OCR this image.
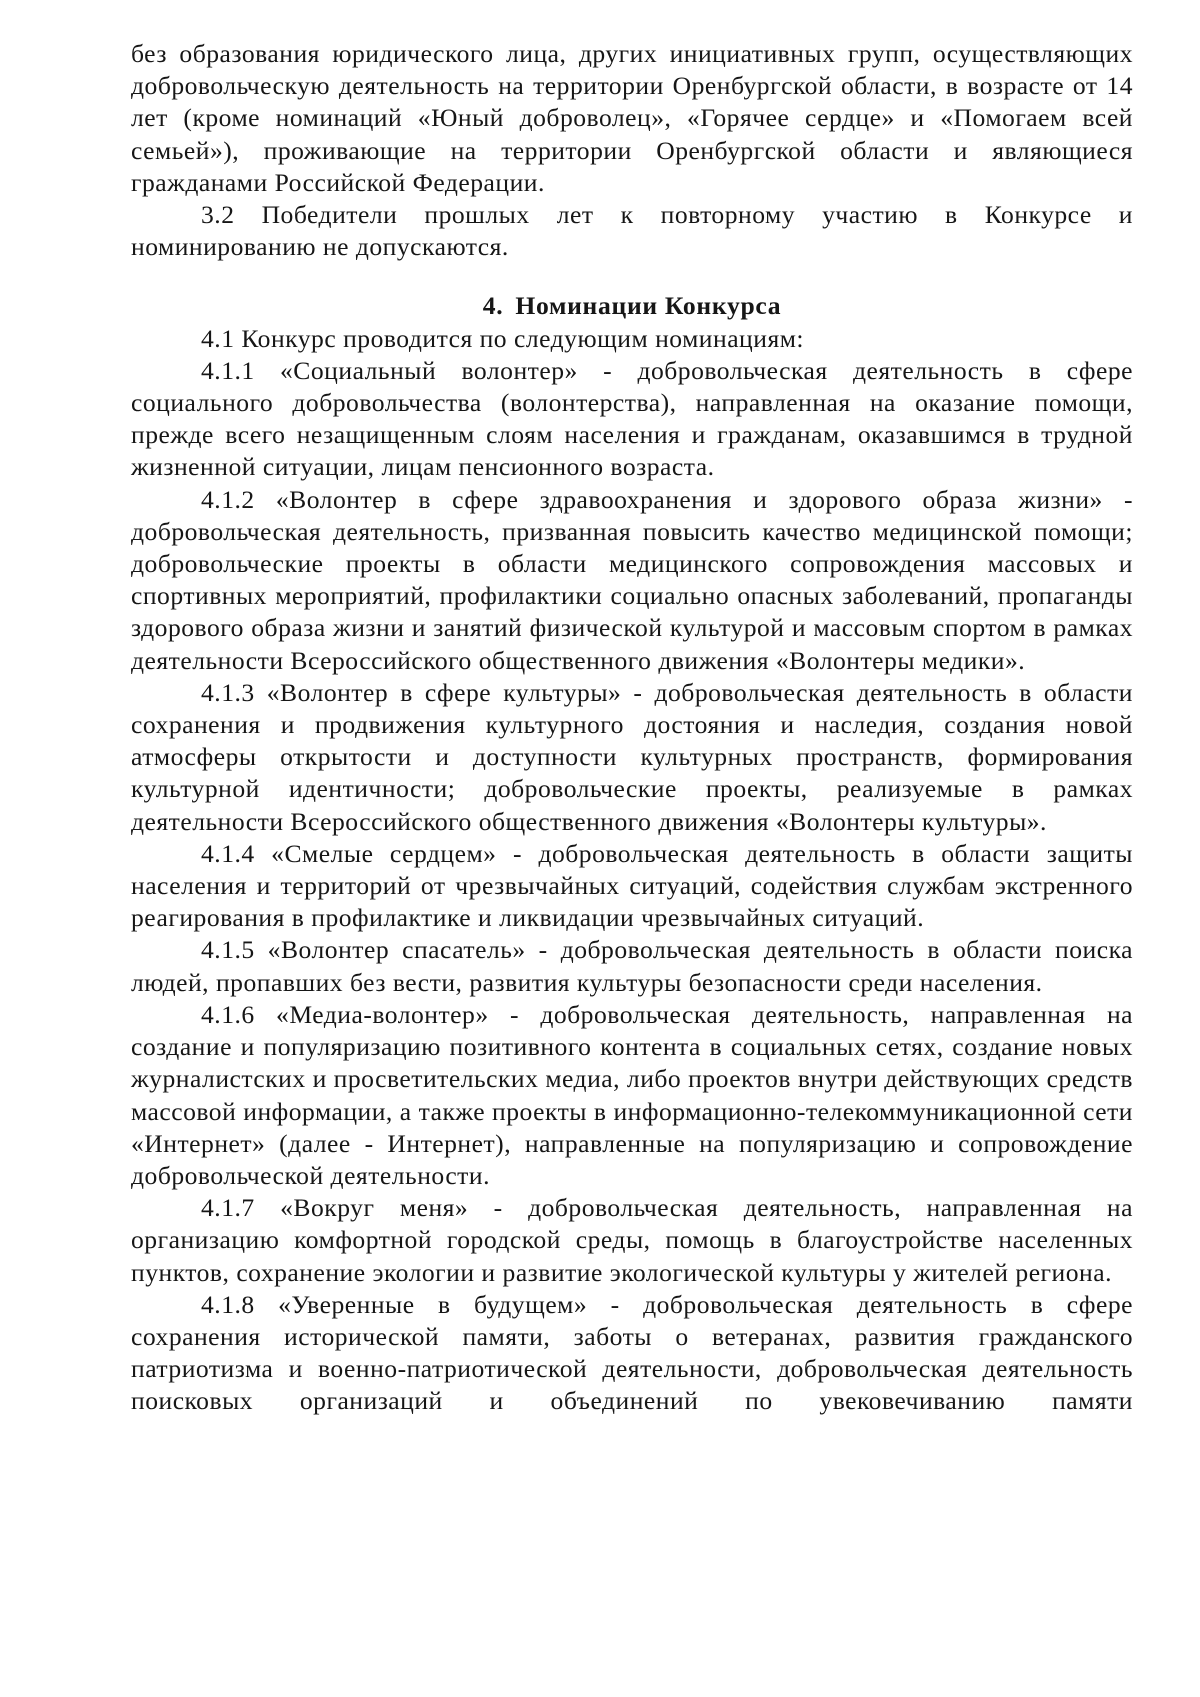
без образования юридического лица, других инициативных групп, осуществляющих добровольческую деятельность на территории Оренбургской области, в возрасте от 14 лет (кроме номинаций «Юный доброволец», «Горячее сердце» и «Помогаем всей семьей»), проживающие на территории Оренбургской области и являющиеся гражданами Российской Федерации.

3.2 Победители прошлых лет к повторному участию в Конкурсе и номинированию не допускаются.

4. Номинации Конкурса

4.1 Конкурс проводится по следующим номинациям:

4.1.1 «Социальный волонтер» - добровольческая деятельность в сфере социального добровольчества (волонтерства), направленная на оказание помощи, прежде всего незащищенным слоям населения и гражданам, оказавшимся в трудной жизненной ситуации, лицам пенсионного возраста.

4.1.2 «Волонтер в сфере здравоохранения и здорового образа жизни» - добровольческая деятельность, призванная повысить качество медицинской помощи; добровольческие проекты в области медицинского сопровождения массовых и спортивных мероприятий, профилактики социально опасных заболеваний, пропаганды здорового образа жизни и занятий физической культурой и массовым спортом в рамках деятельности Всероссийского общественного движения «Волонтеры медики».

4.1.3 «Волонтер в сфере культуры» - добровольческая деятельность в области сохранения и продвижения культурного достояния и наследия, создания новой атмосферы открытости и доступности культурных пространств, формирования культурной идентичности; добровольческие проекты, реализуемые в рамках деятельности Всероссийского общественного движения «Волонтеры культуры».

4.1.4 «Смелые сердцем» - добровольческая деятельность в области защиты населения и территорий от чрезвычайных ситуаций, содействия службам экстренного реагирования в профилактике и ликвидации чрезвычайных ситуаций.

4.1.5 «Волонтер спасатель» - добровольческая деятельность в области поиска людей, пропавших без вести, развития культуры безопасности среди населения.

4.1.6 «Медиа-волонтер» - добровольческая деятельность, направленная на создание и популяризацию позитивного контента в социальных сетях, создание новых журналистских и просветительских медиа, либо проектов внутри действующих средств массовой информации, а также проекты в информационно-телекоммуникационной сети «Интернет» (далее - Интернет), направленные на популяризацию и сопровождение добровольческой деятельности.

4.1.7 «Вокруг меня» - добровольческая деятельность, направленная на организацию комфортной городской среды, помощь в благоустройстве населенных пунктов, сохранение экологии и развитие экологической культуры у жителей региона.

4.1.8 «Уверенные в будущем» - добровольческая деятельность в сфере сохранения исторической памяти, заботы о ветеранах, развития гражданского патриотизма и военно-патриотической деятельности, добровольческая деятельность поисковых организаций и объединений по увековечиванию памяти
